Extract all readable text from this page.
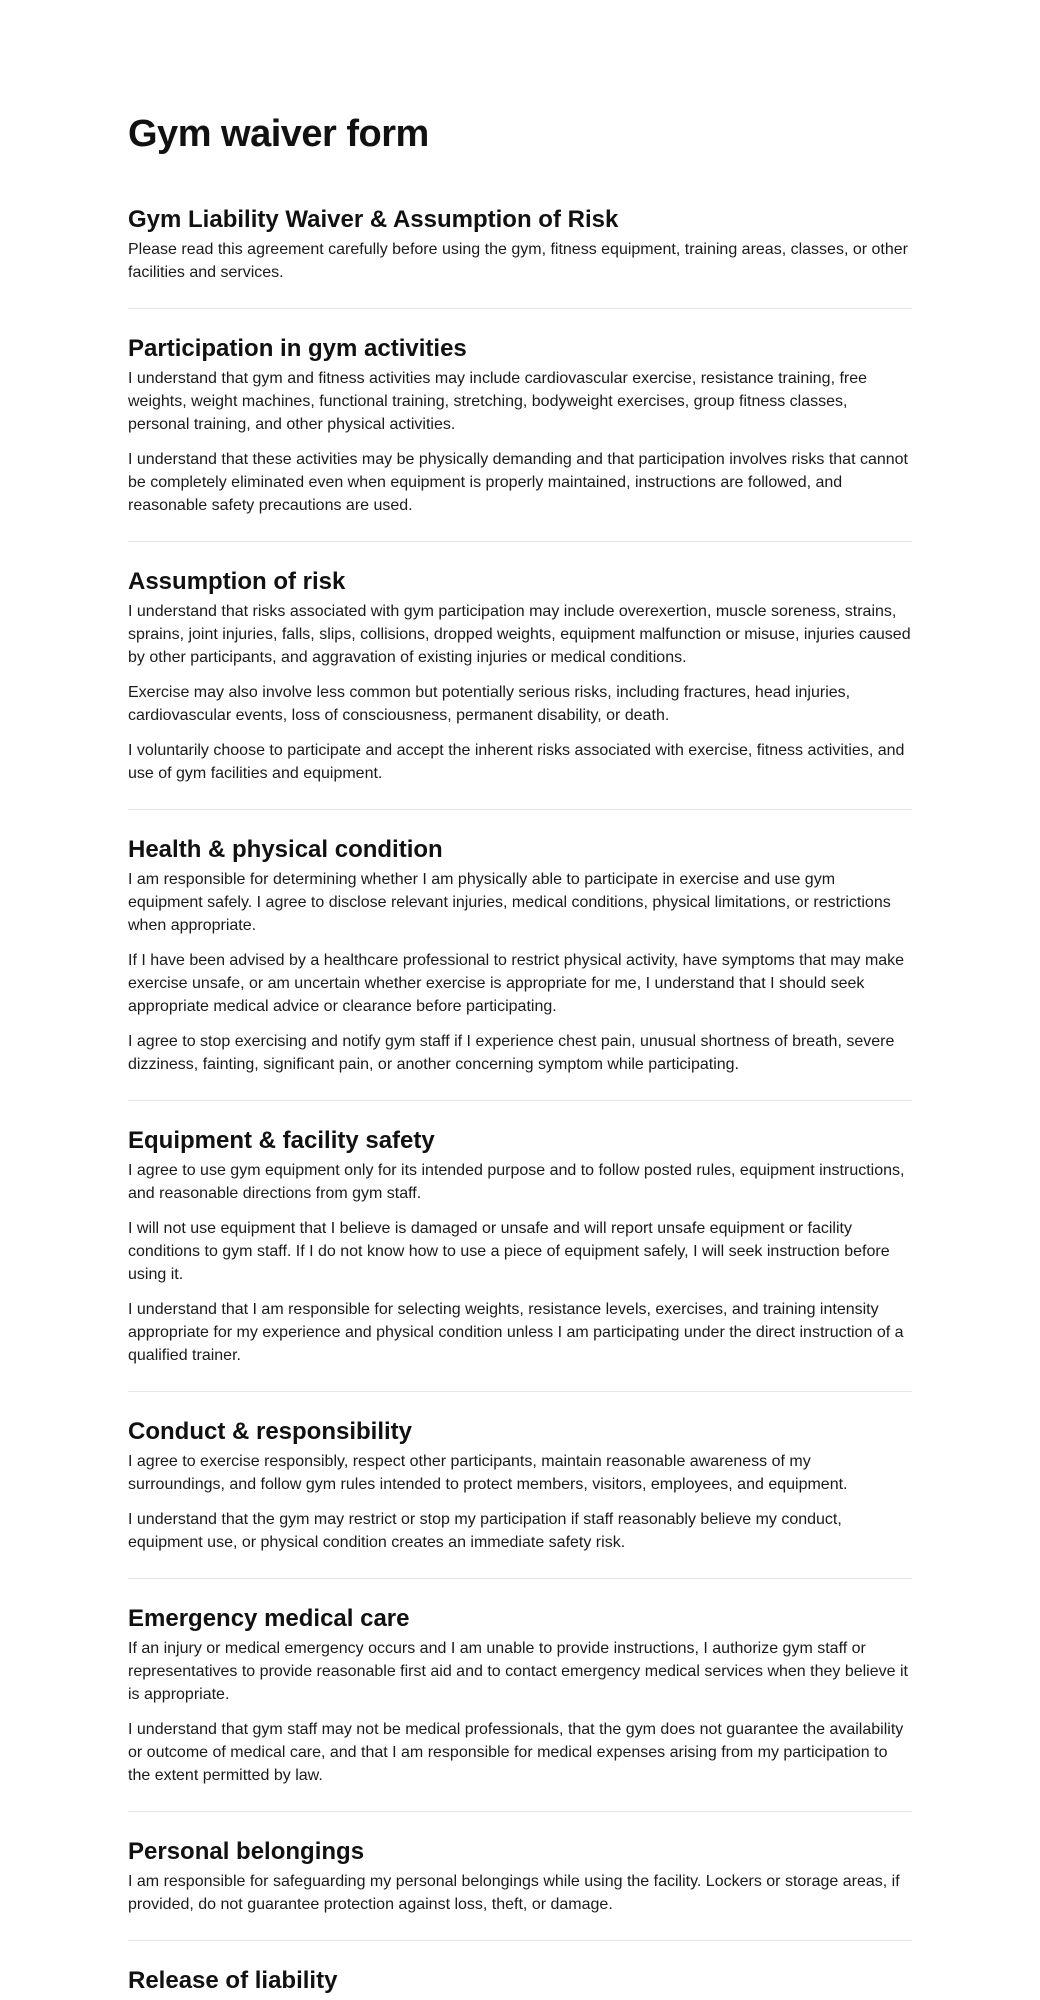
Gym waiver form
Gym Liability Waiver & Assumption of Risk

Please read this agreement carefully before using the gym, fitness equipment, training areas, classes, or other facilities and services.

Participation in gym activities

I understand that gym and fitness activities may include cardiovascular exercise, resistance training, free weights, weight machines, functional training, stretching, bodyweight exercises, group fitness classes, personal training, and other physical activities.

I understand that these activities may be physically demanding and that participation involves risks that cannot be completely eliminated even when equipment is properly maintained, instructions are followed, and reasonable safety precautions are used.

Assumption of risk

I understand that risks associated with gym participation may include overexertion, muscle soreness, strains, sprains, joint injuries, falls, slips, collisions, dropped weights, equipment malfunction or misuse, injuries caused by other participants, and aggravation of existing injuries or medical conditions.

Exercise may also involve less common but potentially serious risks, including fractures, head injuries, cardiovascular events, loss of consciousness, permanent disability, or death.

I voluntarily choose to participate and accept the inherent risks associated with exercise, fitness activities, and use of gym facilities and equipment.

Health & physical condition

I am responsible for determining whether I am physically able to participate in exercise and use gym equipment safely. I agree to disclose relevant injuries, medical conditions, physical limitations, or restrictions when appropriate.

If I have been advised by a healthcare professional to restrict physical activity, have symptoms that may make exercise unsafe, or am uncertain whether exercise is appropriate for me, I understand that I should seek appropriate medical advice or clearance before participating.

I agree to stop exercising and notify gym staff if I experience chest pain, unusual shortness of breath, severe dizziness, fainting, significant pain, or another concerning symptom while participating.

Equipment & facility safety

I agree to use gym equipment only for its intended purpose and to follow posted rules, equipment instructions, and reasonable directions from gym staff.

I will not use equipment that I believe is damaged or unsafe and will report unsafe equipment or facility conditions to gym staff. If I do not know how to use a piece of equipment safely, I will seek instruction before using it.

I understand that I am responsible for selecting weights, resistance levels, exercises, and training intensity appropriate for my experience and physical condition unless I am participating under the direct instruction of a qualified trainer.

Conduct & responsibility

I agree to exercise responsibly, respect other participants, maintain reasonable awareness of my surroundings, and follow gym rules intended to protect members, visitors, employees, and equipment.

I understand that the gym may restrict or stop my participation if staff reasonably believe my conduct, equipment use, or physical condition creates an immediate safety risk.

Emergency medical care

If an injury or medical emergency occurs and I am unable to provide instructions, I authorize gym staff or representatives to provide reasonable first aid and to contact emergency medical services when they believe it is appropriate.

I understand that gym staff may not be medical professionals, that the gym does not guarantee the availability or outcome of medical care, and that I am responsible for medical expenses arising from my participation to the extent permitted by law.

Personal belongings

I am responsible for safeguarding my personal belongings while using the facility. Lockers or storage areas, if provided, do not guarantee protection against loss, theft, or damage.

Release of liability
